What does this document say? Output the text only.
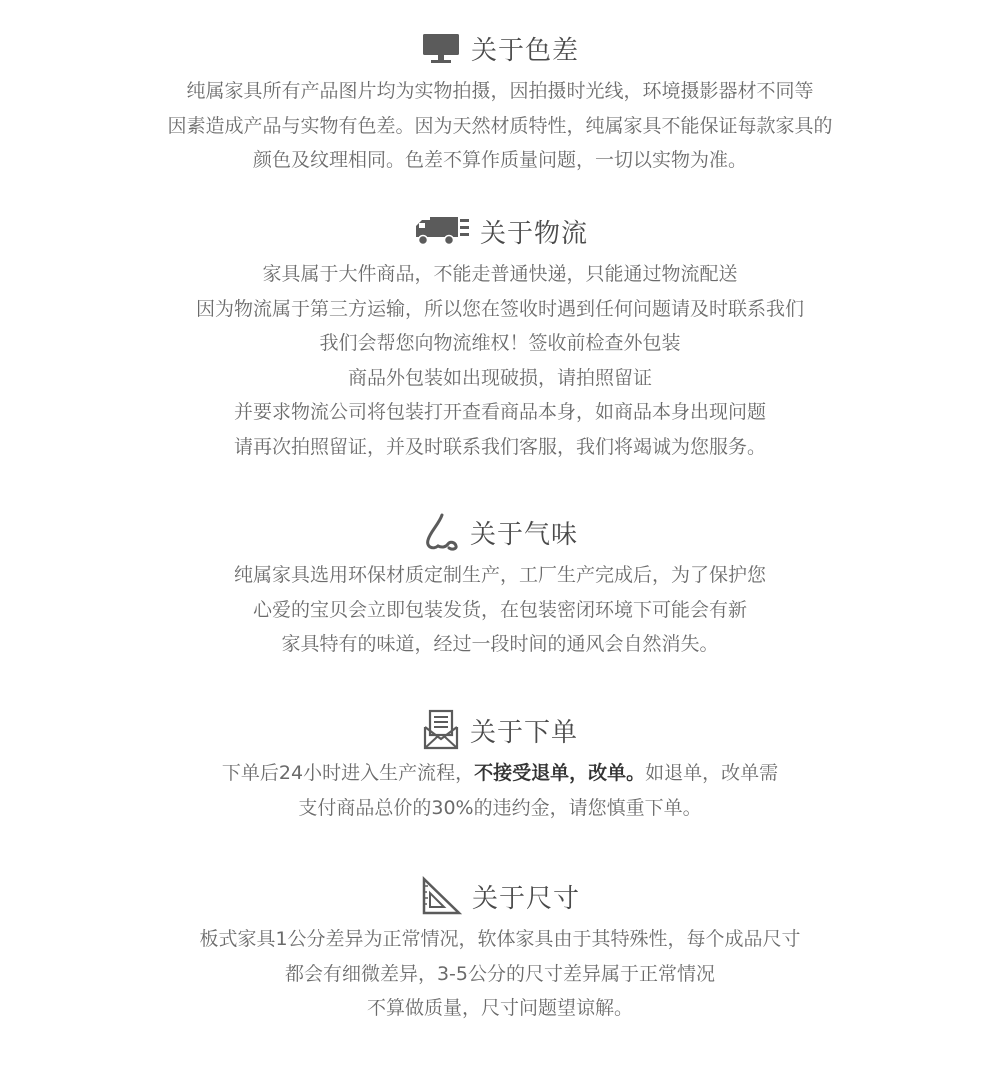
关于色差
纯属家具所有产品图片均为实物拍摄，因拍摄时光线，环境摄影器材不同等
因素造成产品与实物有色差。因为天然材质特性，纯属家具不能保证每款家具的
颜色及纹理相同。色差不算作质量问题，一切以实物为准。
关于物流
家具属于大件商品，不能走普通快递，只能通过物流配送
因为物流属于第三方运输，所以您在签收时遇到任何问题请及时联系我们
我们会帮您向物流维权！签收前检查外包装
商品外包装如出现破损，请拍照留证
并要求物流公司将包装打开查看商品本身，如商品本身出现问题
请再次拍照留证，并及时联系我们客服，我们将竭诚为您服务。
关于气味
纯属家具选用环保材质定制生产，工厂生产完成后，为了保护您
心爱的宝贝会立即包装发货，在包装密闭环境下可能会有新
家具特有的味道，经过一段时间的通风会自然消失。
关于下单
下单后24小时进入生产流程，不接受退单，改单。如退单，改单需
支付商品总价的30%的违约金，请您慎重下单。
关于尺寸
板式家具1公分差异为正常情况，软体家具由于其特殊性，每个成品尺寸
都会有细微差异，3-5公分的尺寸差异属于正常情况
不算做质量，尺寸问题望谅解。
